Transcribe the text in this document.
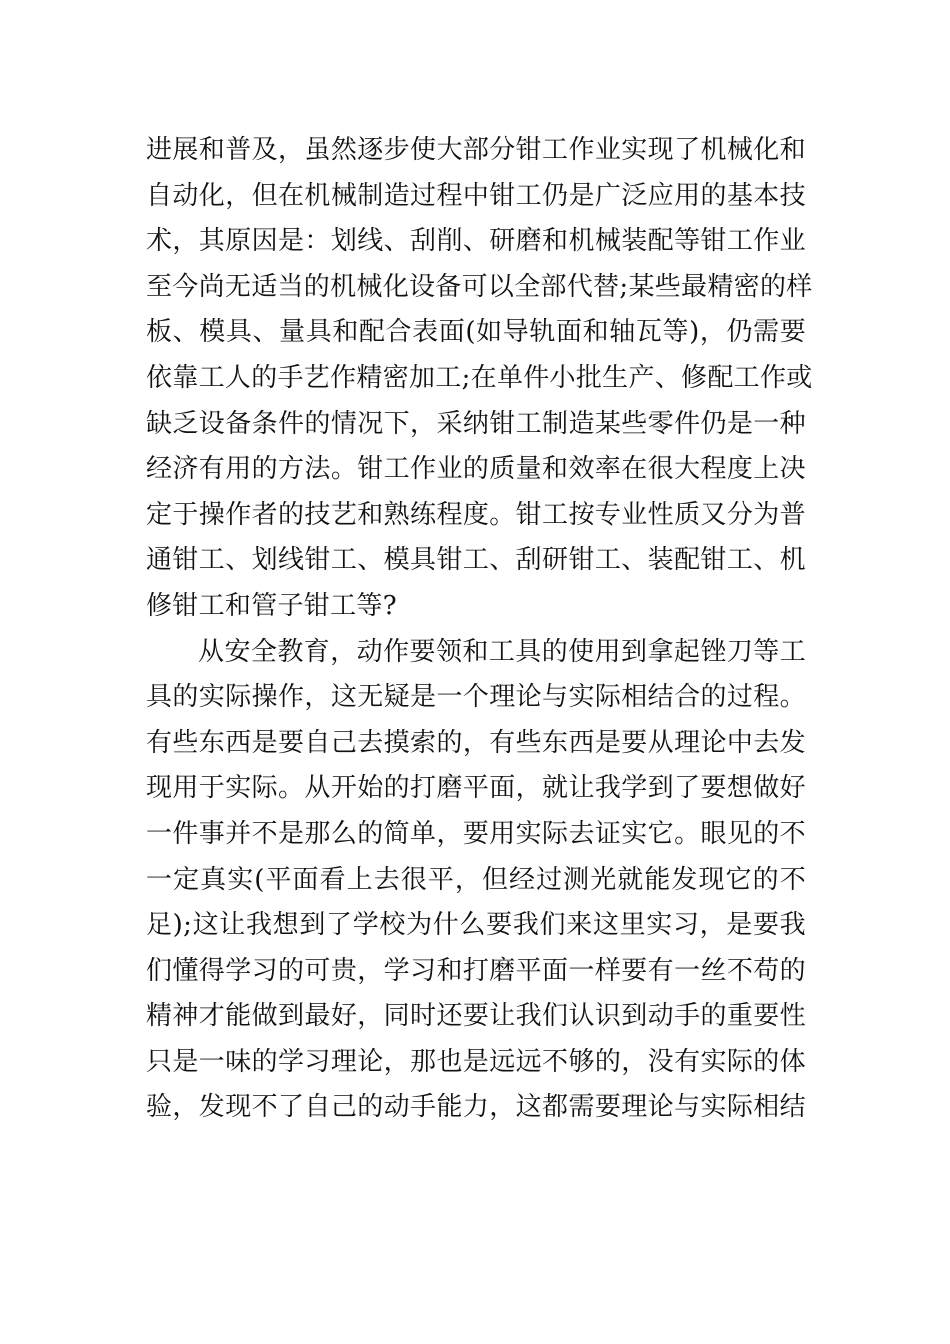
进展和普及，虽然逐步使大部分钳工作业实现了机械化和
自动化，但在机械制造过程中钳工仍是广泛应用的基本技
术，其原因是：划线、刮削、研磨和机械装配等钳工作业
至今尚无适当的机械化设备可以全部代替;某些最精密的样
板、模具、量具和配合表面(如导轨面和轴瓦等)，仍需要
依靠工人的手艺作精密加工;在单件小批生产、修配工作或
缺乏设备条件的情况下，采纳钳工制造某些零件仍是一种
经济有用的方法。钳工作业的质量和效率在很大程度上决
定于操作者的技艺和熟练程度。钳工按专业性质又分为普
通钳工、划线钳工、模具钳工、刮研钳工、装配钳工、机
修钳工和管子钳工等?
从安全教育，动作要领和工具的使用到拿起锉刀等工
具的实际操作，这无疑是一个理论与实际相结合的过程。
有些东西是要自己去摸索的，有些东西是要从理论中去发
现用于实际。从开始的打磨平面，就让我学到了要想做好
一件事并不是那么的简单，要用实际去证实它。眼见的不
一定真实(平面看上去很平，但经过测光就能发现它的不
足);这让我想到了学校为什么要我们来这里实习，是要我
们懂得学习的可贵，学习和打磨平面一样要有一丝不苟的
精神才能做到最好，同时还要让我们认识到动手的重要性
只是一味的学习理论，那也是远远不够的，没有实际的体
验，发现不了自己的动手能力，这都需要理论与实际相结
